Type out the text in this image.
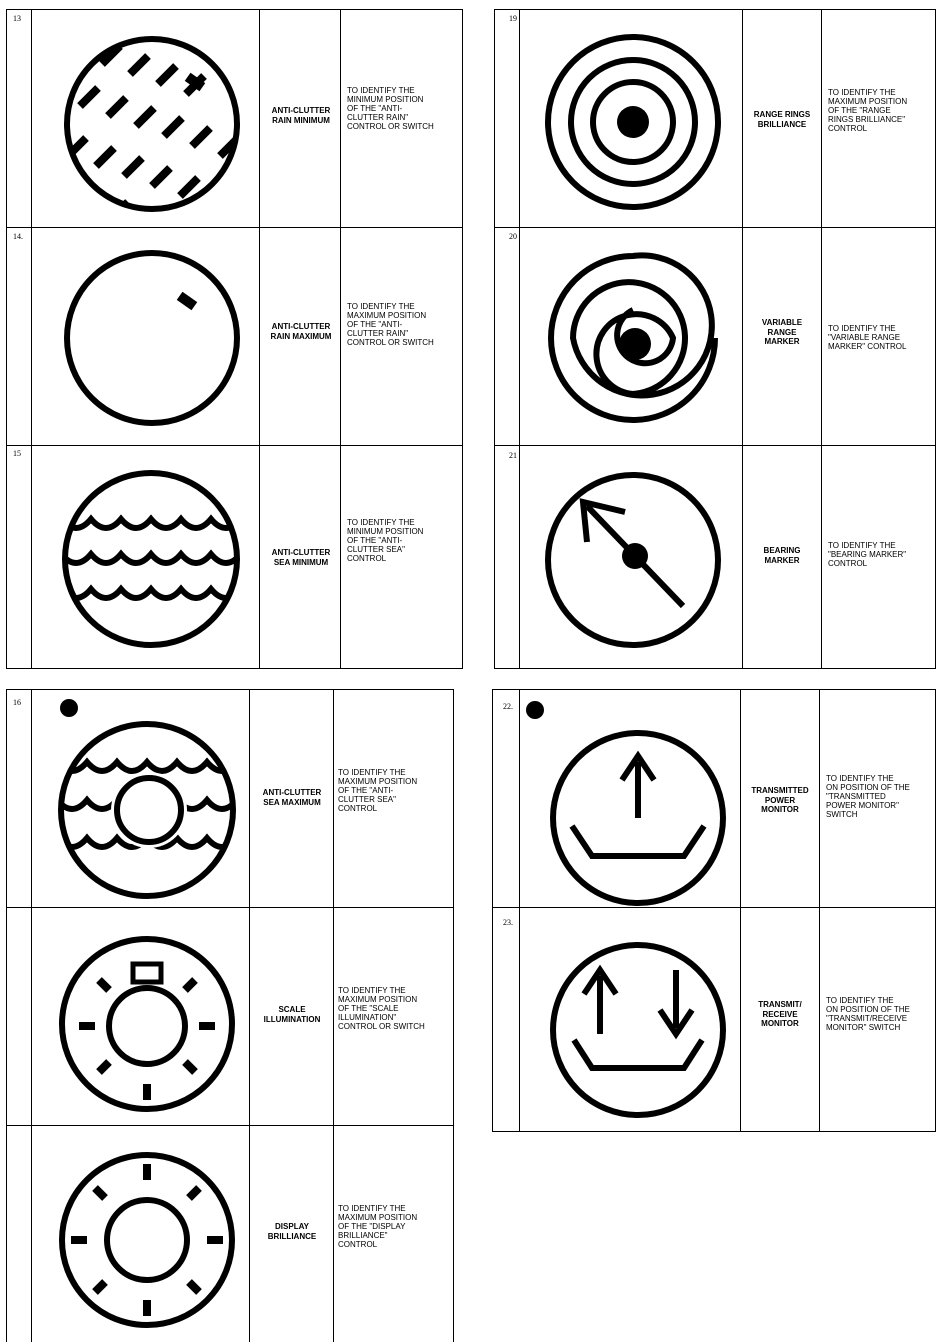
13
ANTI-CLUTTER
RAIN MINIMUM
TO IDENTIFY THE
MINIMUM POSITION
OF THE "ANTI-
CLUTTER RAIN"
CONTROL OR SWITCH
14.
ANTI-CLUTTER
RAIN MAXIMUM
TO IDENTIFY THE
MAXIMUM POSITION
OF THE "ANTI-
CLUTTER RAIN"
CONTROL OR SWITCH
15
ANTI-CLUTTER
SEA MINIMUM
TO IDENTIFY THE
MINIMUM POSITION
OF THE "ANTI-
CLUTTER SEA"
CONTROL
19
RANGE RINGS
BRILLIANCE
TO IDENTIFY THE
MAXIMUM POSITION
OF THE "RANGE
RINGS BRILLIANCE"
CONTROL
20
VARIABLE
RANGE
MARKER
TO IDENTIFY THE
"VARIABLE RANGE
MARKER" CONTROL
21
BEARING
MARKER
TO IDENTIFY THE
"BEARING MARKER"
CONTROL
16
ANTI-CLUTTER
SEA MAXIMUM
TO IDENTIFY THE
MAXIMUM POSITION
OF THE "ANTI-
CLUTTER SEA"
CONTROL
SCALE
ILLUMINATION
TO IDENTIFY THE
MAXIMUM POSITION
OF THE "SCALE
ILLUMINATION"
CONTROL OR SWITCH
DISPLAY
BRILLIANCE
TO IDENTIFY THE
MAXIMUM POSITION
OF THE "DISPLAY
BRILLIANCE"
CONTROL
22.
TRANSMITTED
POWER
MONITOR
TO IDENTIFY THE
ON POSITION OF THE
"TRANSMITTED
POWER MONITOR"
SWITCH
23.
TRANSMIT/
RECEIVE
MONITOR
TO IDENTIFY THE
ON POSITION OF THE
"TRANSMIT/RECEIVE
MONITOR" SWITCH
